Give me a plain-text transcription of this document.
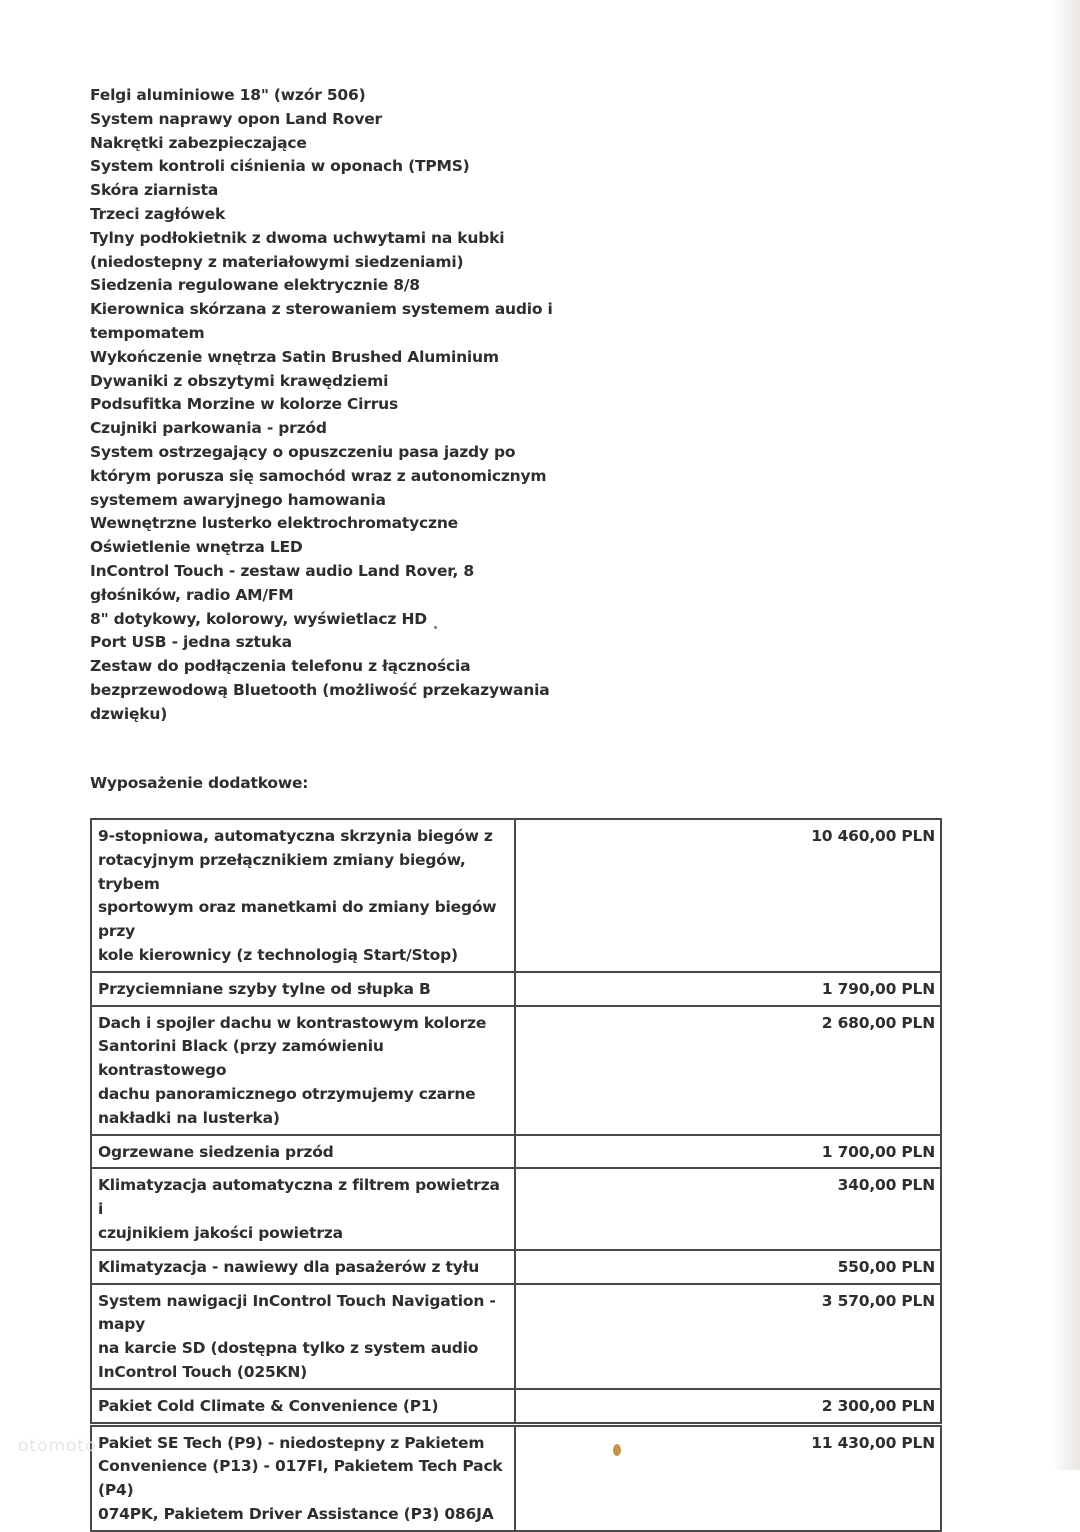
Felgi aluminiowe 18" (wzór 506)
System naprawy opon Land Rover
Nakrętki zabezpieczające
System kontroli ciśnienia w oponach (TPMS)
Skóra ziarnista
Trzeci zagłówek
Tylny podłokietnik z dwoma uchwytami na kubki
(niedostepny z materiałowymi siedzeniami)
Siedzenia regulowane elektrycznie 8/8
Kierownica skórzana z sterowaniem systemem audio i
tempomatem
Wykończenie wnętrza Satin Brushed Aluminium
Dywaniki z obszytymi krawędziemi
Podsufitka Morzine w kolorze Cirrus
Czujniki parkowania - przód
System ostrzegający o opuszczeniu pasa jazdy po
którym porusza się samochód wraz z autonomicznym
systemem awaryjnego hamowania
Wewnętrzne lusterko elektrochromatyczne
Oświetlenie wnętrza LED
InControl Touch - zestaw audio Land Rover, 8
głośników, radio AM/FM
8" dotykowy, kolorowy, wyświetlacz HD
Port USB - jedna sztuka
Zestaw do podłączenia telefonu z łącznościa
bezprzewodową Bluetooth (możliwość przekazywania
dzwięku)
Wyposażenie dodatkowe:
9-stopniowa, automatyczna skrzynia biegów z
rotacyjnym przełącznikiem zmiany biegów, trybem
sportowym oraz manetkami do zmiany biegów przy
kole kierownicy (z technologią Start/Stop)	10 460,00 PLN

Przyciemniane szyby tylne od słupka B	1 790,00 PLN

Dach i spojler dachu w kontrastowym kolorze
Santorini Black (przy zamówieniu kontrastowego
dachu panoramicznego otrzymujemy czarne
nakładki na lusterka)	2 680,00 PLN

Ogrzewane siedzenia przód	1 700,00 PLN

Klimatyzacja automatyczna z filtrem powietrza i
czujnikiem jakości powietrza	340,00 PLN

Klimatyzacja - nawiewy dla pasażerów z tyłu	550,00 PLN

System nawigacji InControl Touch Navigation - mapy
na karcie SD (dostępna tylko z system audio
InControl Touch (025KN)	3 570,00 PLN

Pakiet Cold Climate & Convenience (P1)	2 300,00 PLN

Pakiet SE Tech (P9) - niedostepny z Pakietem
Convenience (P13) - 017FI, Pakietem Tech Pack (P4)
074PK, Pakietem Driver Assistance (P3) 086JA	11 430,00 PLN
otomoto
